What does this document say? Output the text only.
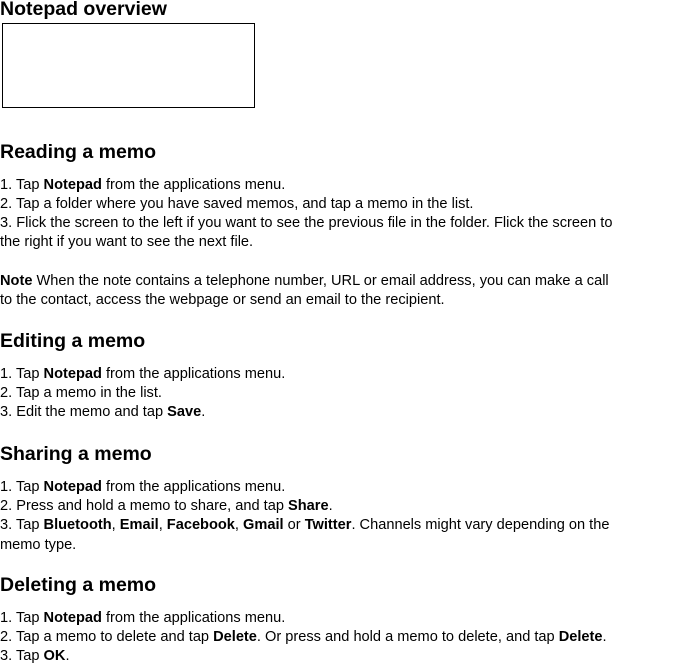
Notepad overview
Reading a memo
1. Tap Notepad from the applications menu.
2. Tap a folder where you have saved memos, and tap a memo in the list.
3. Flick the screen to the left if you want to see the previous file in the folder. Flick the screen to
the right if you want to see the next file.
Note When the note contains a telephone number, URL or email address, you can make a call
to the contact, access the webpage or send an email to the recipient.
Editing a memo
1. Tap Notepad from the applications menu.
2. Tap a memo in the list.
3. Edit the memo and tap Save.
Sharing a memo
1. Tap Notepad from the applications menu.
2. Press and hold a memo to share, and tap Share.
3. Tap Bluetooth, Email, Facebook, Gmail or Twitter. Channels might vary depending on the
memo type.
Deleting a memo
1. Tap Notepad from the applications menu.
2. Tap a memo to delete and tap Delete. Or press and hold a memo to delete, and tap Delete.
3. Tap OK.
